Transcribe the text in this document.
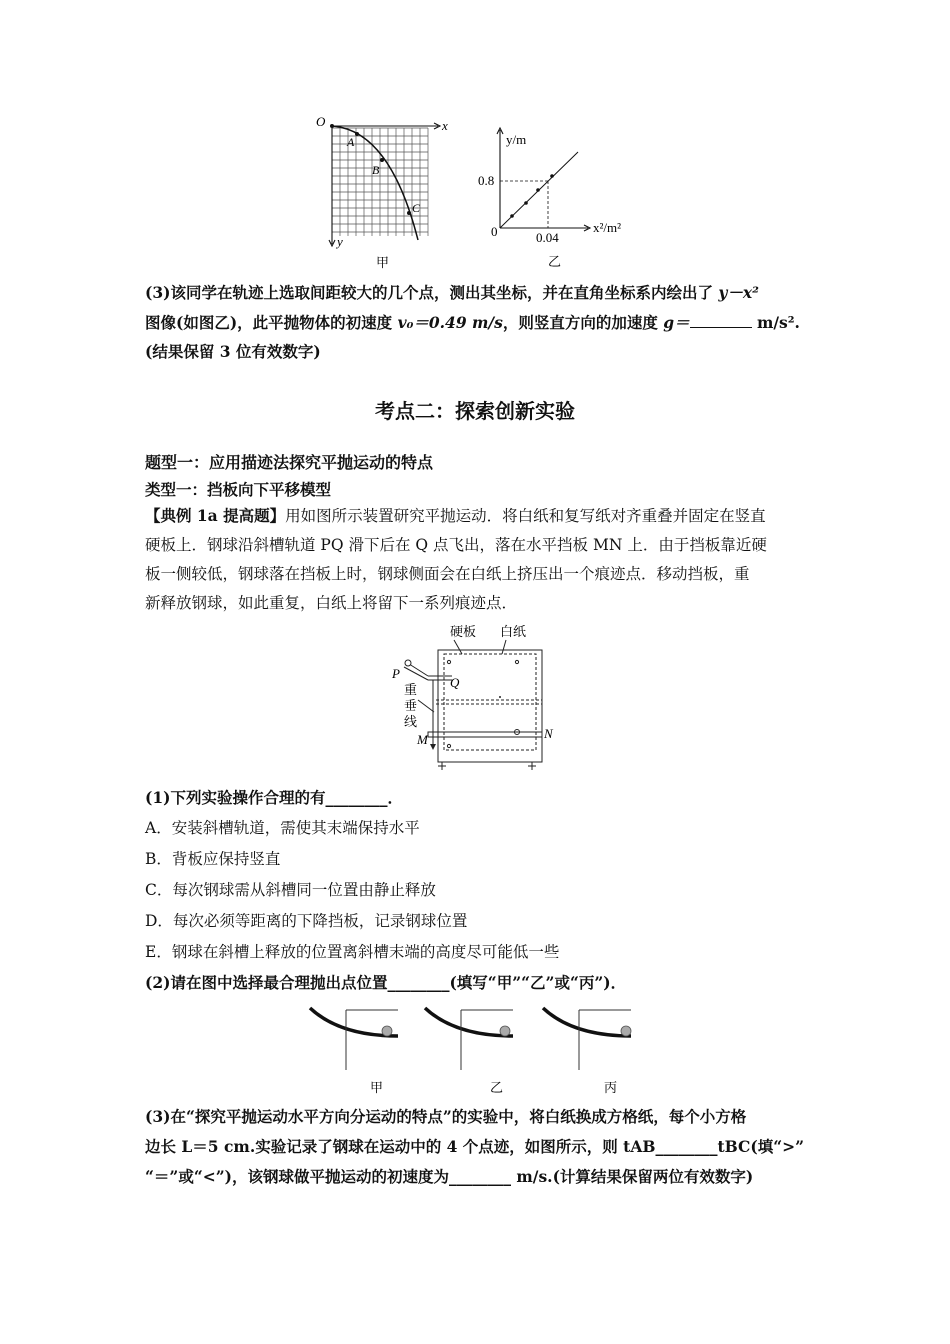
O	x
y
A
B
C
甲
y/m
0.8
0	0.04
x²/m²
乙
(3)该同学在轨迹上选取间距较大的几个点，测出其坐标，并在直角坐标系内绘出了 y－x²
图像(如图乙)，此平抛物体的初速度 v₀＝0.49 m/s，则竖直方向的加速度 g＝	m/s².
(结果保留 3 位有效数字)
考点二：探索创新实验
题型一：应用描迹法探究平抛运动的特点
类型一：挡板向下平移模型
【典例 1a 提高题】用如图所示装置研究平抛运动．将白纸和复写纸对齐重叠并固定在竖直
硬板上．钢球沿斜槽轨道 PQ 滑下后在 Q 点飞出，落在水平挡板 MN 上．由于挡板靠近硬
板一侧较低，钢球落在挡板上时，钢球侧面会在白纸上挤压出一个痕迹点．移动挡板，重
新释放钢球，如此重复，白纸上将留下一系列痕迹点．
硬板 白纸
P
Q
重
垂
线
M	N
(1)下列实验操作合理的有________．
A．安装斜槽轨道，需使其末端保持水平
B．背板应保持竖直
C．每次钢球需从斜槽同一位置由静止释放
D．每次必须等距离的下降挡板，记录钢球位置
E．钢球在斜槽上释放的位置离斜槽末端的高度尽可能低一些
(2)请在图中选择最合理抛出点位置________(填写“甲”“乙”或“丙”)．
甲	乙	丙
(3)在“探究平抛运动水平方向分运动的特点”的实验中，将白纸换成方格纸，每个小方格
边长 L＝5 cm.实验记录了钢球在运动中的 4 个点迹，如图所示，则 tAB________tBC(填“>”
“＝”或“<”)，该钢球做平抛运动的初速度为________ m/s.(计算结果保留两位有效数字)
